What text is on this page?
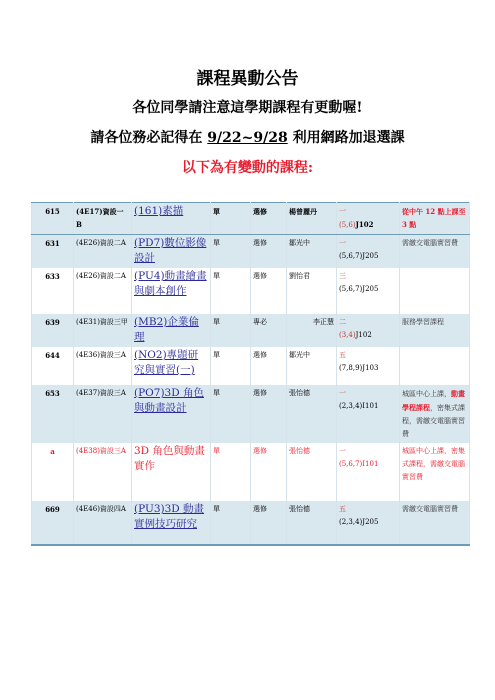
課程異動公告
各位同學請注意這學期課程有更動喔!
請各位務必記得在 9/22~9/28 利用網路加退選課
以下為有變動的課程:
615	(4E17)資設一B	(161)素描	單	選修	楊曾麗丹	一
(5,6)J102	從中午 12 點上課至 3 點
631	(4E26)資設二A	(PD7)數位影像設計	單	選修	鄒光中	一
(5,6,7)J205	需繳交電腦實習費
633	(4E26)資設二A	(PU4)動畫繪畫與劇本創作	單	選修	劉怡君	三
(5,6,7)J205	

639	(4E31)資設三甲	(MB2)企業倫理	單	專必	李正慧	二
(3,4)J102	服務學習課程
644	(4E36)資設三A	(NO2)專題研究與實習(一)	單	選修	鄒光中	五
(7,8,9)J103	

653	(4E37)資設三A	(PO7)3D 角色與動畫設計	單	選修	張怡德	一
(2,3,4)I101	城區中心上課，動畫學程課程，密集式課程，需繳交電腦實習費
a	(4E38)資設三A	3D 角色與動畫實作	單	選修	張怡德	一
(5,6,7)I101	城區中心上課，密集式課程，需繳交電腦實習費
669	(4E46)資設四A	(PU3)3D 動畫實例技巧研究	單	選修	張怡德	五
(2,3,4)J205	需繳交電腦實習費
